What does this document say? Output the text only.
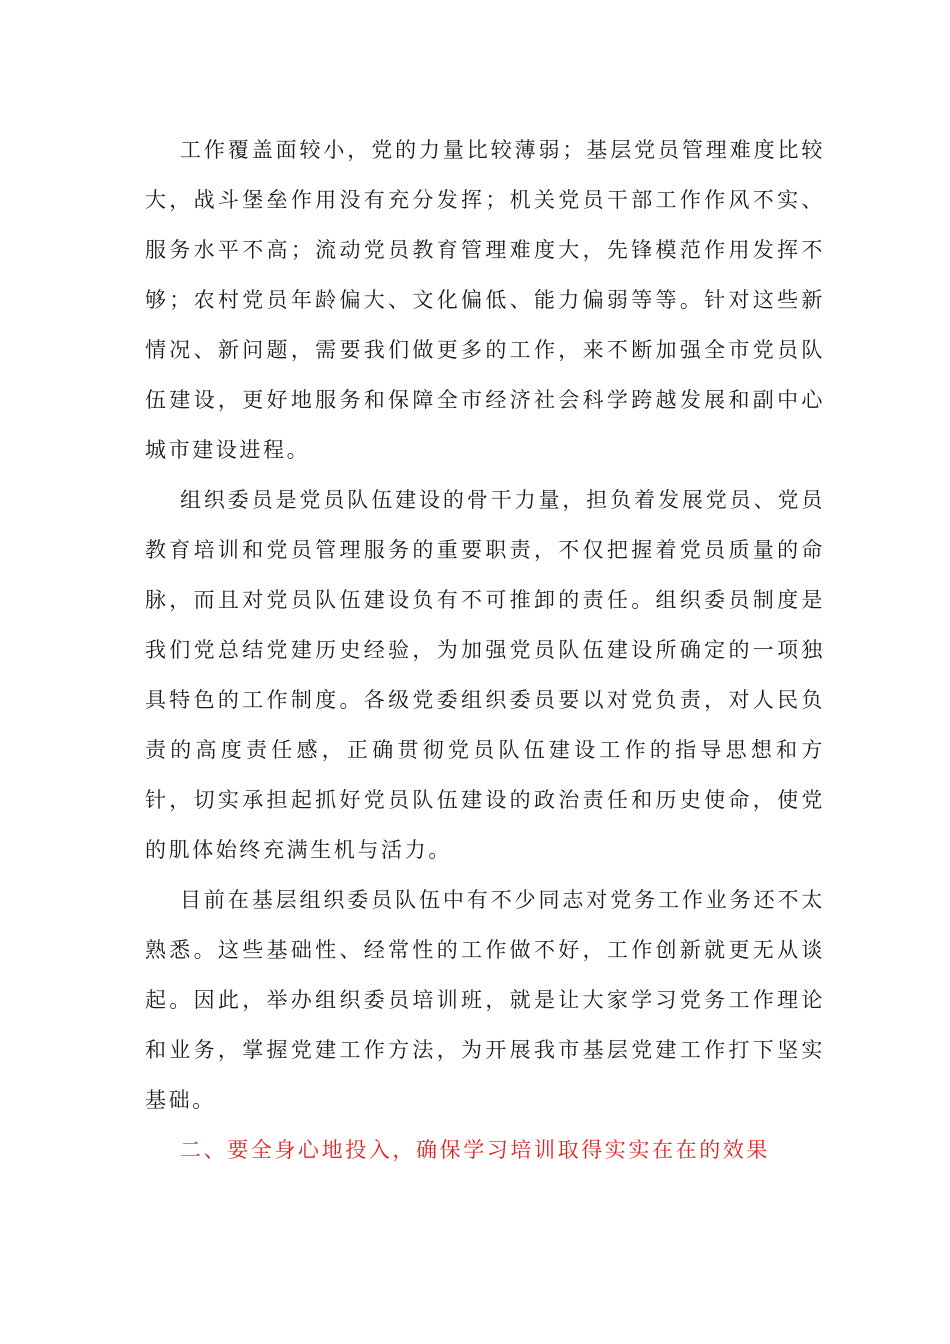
工作覆盖面较小，党的力量比较薄弱；基层党员管理难度比较大，战斗堡垒作用没有充分发挥；机关党员干部工作作风不实、服务水平不高；流动党员教育管理难度大，先锋模范作用发挥不够；农村党员年龄偏大、文化偏低、能力偏弱等等。针对这些新情况、新问题，需要我们做更多的工作，来不断加强全市党员队伍建设，更好地服务和保障全市经济社会科学跨越发展和副中心城市建设进程。

组织委员是党员队伍建设的骨干力量，担负着发展党员、党员教育培训和党员管理服务的重要职责，不仅把握着党员质量的命脉，而且对党员队伍建设负有不可推卸的责任。组织委员制度是我们党总结党建历史经验，为加强党员队伍建设所确定的一项独具特色的工作制度。各级党委组织委员要以对党负责，对人民负责的高度责任感，正确贯彻党员队伍建设工作的指导思想和方针，切实承担起抓好党员队伍建设的政治责任和历史使命，使党的肌体始终充满生机与活力。

目前在基层组织委员队伍中有不少同志对党务工作业务还不太熟悉。这些基础性、经常性的工作做不好，工作创新就更无从谈起。因此，举办组织委员培训班，就是让大家学习党务工作理论和业务，掌握党建工作方法，为开展我市基层党建工作打下坚实基础。

二、要全身心地投入，确保学习培训取得实实在在的效果
